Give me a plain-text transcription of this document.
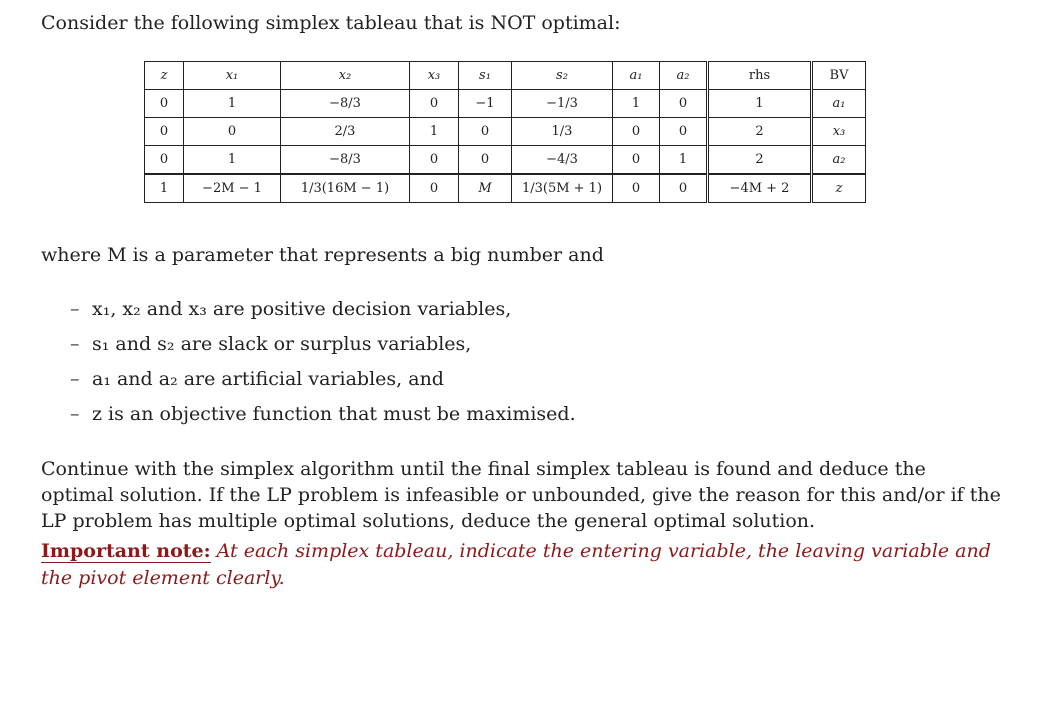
Consider the following simplex tableau that is NOT optimal:
z	x₁	x₂	x₃	s₁	s₂	a₁	a₂	rhs	BV
0	1	−8/3	0	−1	−1/3	1	0	1	a₁
0	0	2/3	1	0	1/3	0	0	2	x₃
0	1	−8/3	0	0	−4/3	0	1	2	a₂
1	−2M − 1	1/3(16M − 1)	0	M	1/3(5M + 1)	0	0	−4M + 2	z
where M is a parameter that represents a big number and
– x₁, x₂ and x₃ are positive decision variables,
– s₁ and s₂ are slack or surplus variables,
– a₁ and a₂ are artificial variables, and
– z is an objective function that must be maximised.
Continue with the simplex algorithm until the final simplex tableau is found and deduce the optimal solution. If the LP problem is infeasible or unbounded, give the reason for this and/or if the LP problem has multiple optimal solutions, deduce the general optimal solution.
Important note: At each simplex tableau, indicate the entering variable, the leaving variable and the pivot element clearly.
